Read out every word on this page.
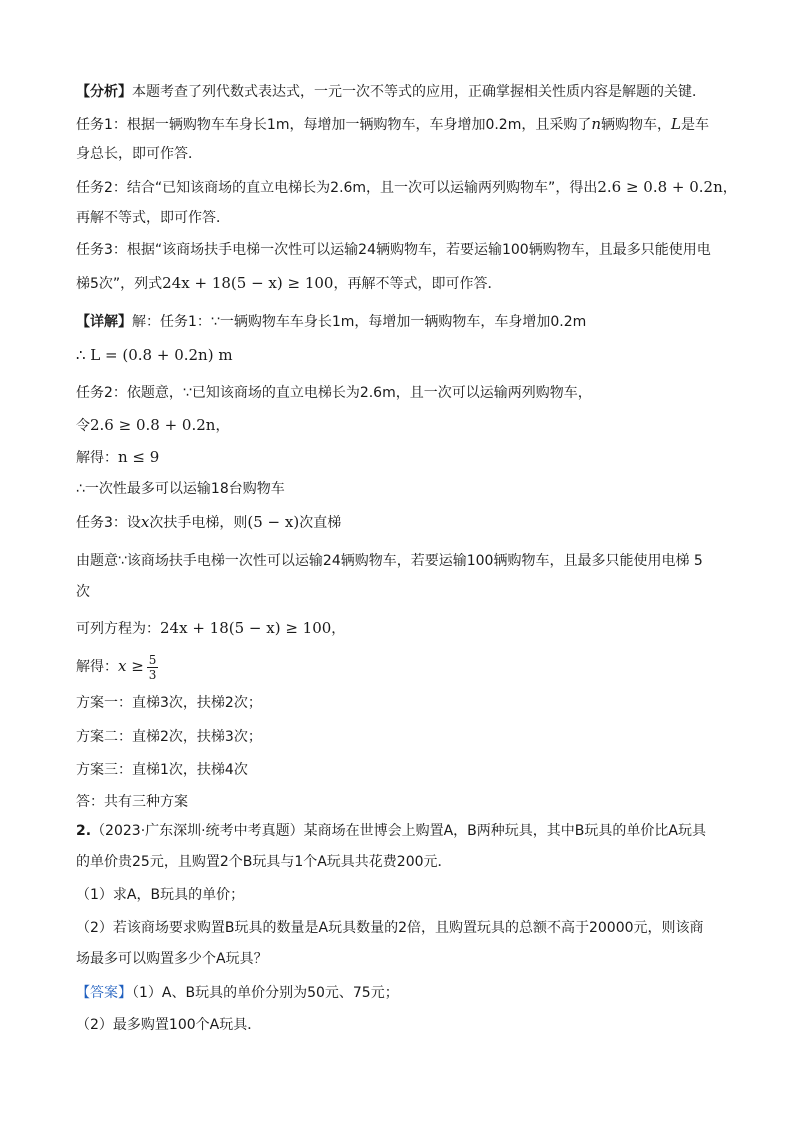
【分析】本题考查了列代数式表达式，一元一次不等式的应用，正确掌握相关性质内容是解题的关键．
任务1：根据一辆购物车车身长1m，每增加一辆购物车，车身增加0.2m，且采购了n辆购物车，L是车
身总长，即可作答．
任务2：结合“已知该商场的直立电梯长为2.6m，且一次可以运输两列购物车”，得出2.6 ≥ 0.8 + 0.2n，
再解不等式，即可作答．
任务3：根据“该商场扶手电梯一次性可以运输24辆购物车，若要运输100辆购物车，且最多只能使用电
梯5次”，列式24x + 18(5 − x) ≥ 100，再解不等式，即可作答．
【详解】解：任务1：∵一辆购物车车身长1m，每增加一辆购物车，车身增加0.2m
∴ L = (0.8 + 0.2n) m
任务2：依题意，∵已知该商场的直立电梯长为2.6m，且一次可以运输两列购物车，
令2.6 ≥ 0.8 + 0.2n，
解得：n ≤ 9
∴一次性最多可以运输18台购物车
任务3：设x次扶手电梯，则(5 − x)次直梯
由题意∵该商场扶手电梯一次性可以运输24辆购物车，若要运输100辆购物车，且最多只能使用电梯 5
次
可列方程为：24x + 18(5 − x) ≥ 100，
解得：$x \ge \frac{5}{3}$
方案一：直梯3次，扶梯2次；
方案二：直梯2次，扶梯3次；
方案三：直梯1次，扶梯4次
答：共有三种方案
2.（2023·广东深圳·统考中考真题）某商场在世博会上购置A，B两种玩具，其中B玩具的单价比A玩具
的单价贵25元，且购置2个B玩具与1个A玩具共花费200元．
（1）求A，B玩具的单价；
（2）若该商场要求购置B玩具的数量是A玩具数量的2倍，且购置玩具的总额不高于20000元，则该商
场最多可以购置多少个A玩具？
【答案】（1）A、B玩具的单价分别为50元、75元；
（2）最多购置100个A玩具．
